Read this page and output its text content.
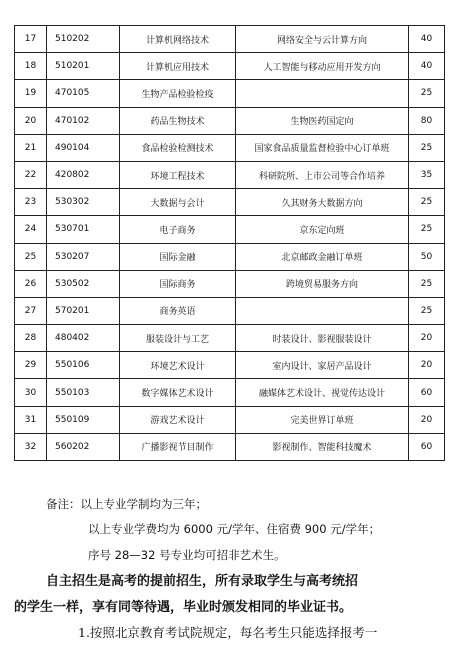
17	510202	计算机网络技术	网络安全与云计算方向	40
18	510201	计算机应用技术	人工智能与移动应用开发方向	40
19	470105	生物产品检验检疫		25
20	470102	药品生物技术	生物医药国定向	80
21	490104	食品检验检测技术	国家食品质量监督检验中心订单班	25
22	420802	环境工程技术	科研院所、上市公司等合作培养	35
23	530302	大数据与会计	久其财务大数据方向	25
24	530701	电子商务	京东定向班	25
25	530207	国际金融	北京邮政金融订单班	50
26	530502	国际商务	跨境贸易服务方向	25
27	570201	商务英语		25
28	480402	服装设计与工艺	时装设计、影视服装设计	20
29	550106	环境艺术设计	室内设计、家居产品设计	20
30	550103	数字媒体艺术设计	融媒体艺术设计、视觉传达设计	60
31	550109	游戏艺术设计	完美世界订单班	20
32	560202	广播影视节目制作	影视制作、智能科技魔术	60
备注：以上专业学制均为三年；
以上专业学费均为 6000 元/学年、住宿费 900 元/学年；
序号 28—32 号专业均可招非艺术生。
自主招生是高考的提前招生，所有录取学生与高考统招
的学生一样，享有同等待遇，毕业时颁发相同的毕业证书。
1.按照北京教育考试院规定，每名考生只能选择报考一
